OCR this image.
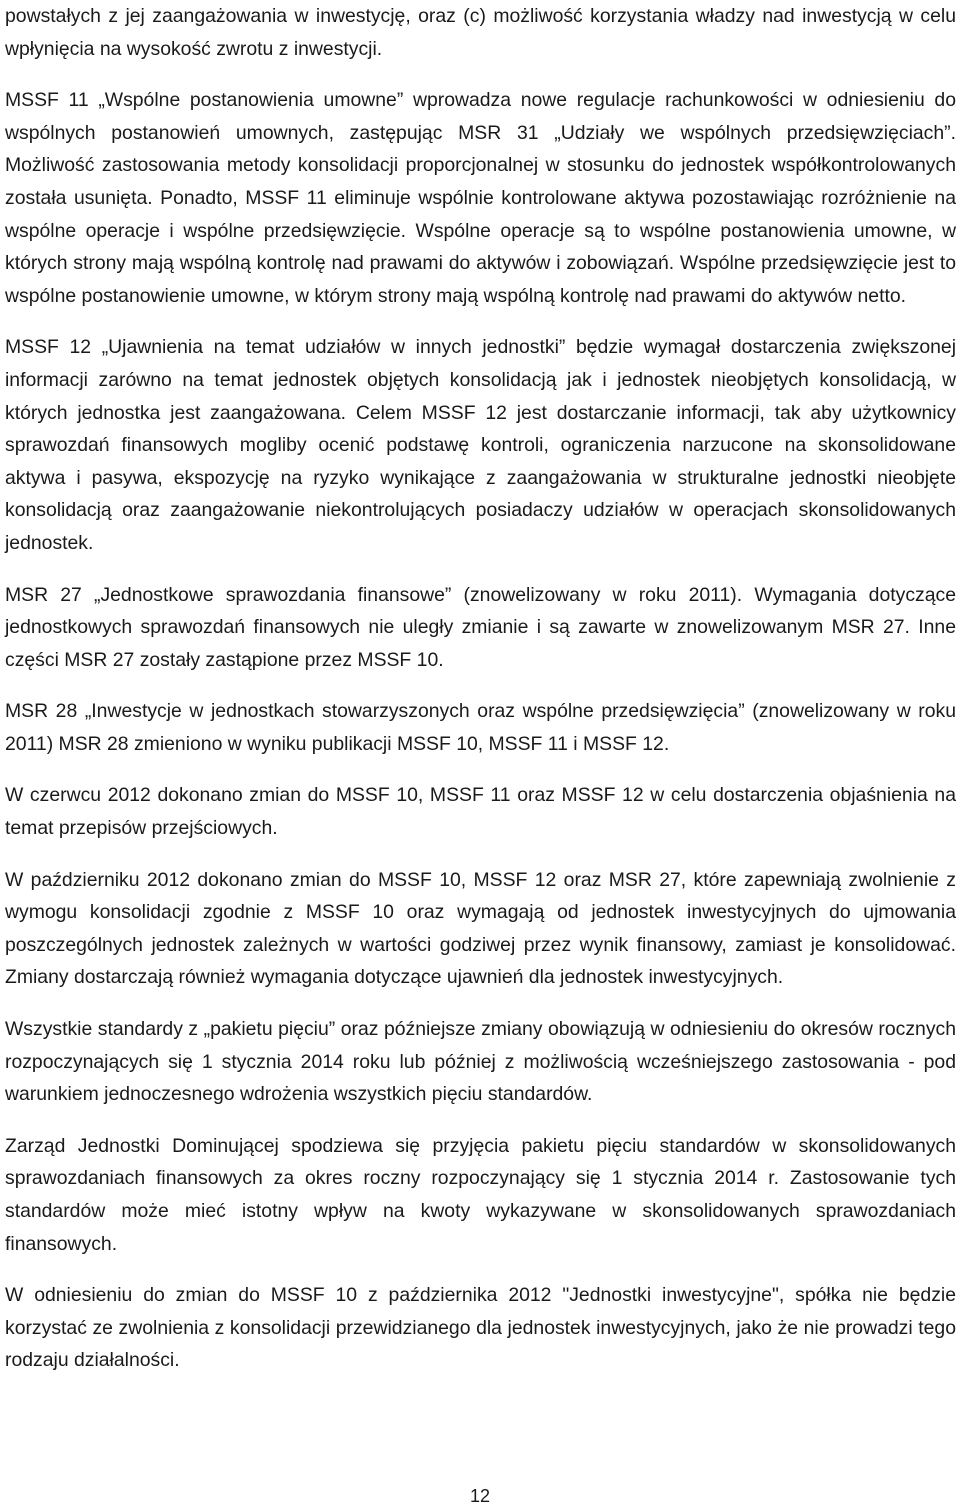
powstałych z jej zaangażowania w inwestycję, oraz (c) możliwość korzystania władzy nad inwestycją w celu wpłynięcia na wysokość zwrotu z inwestycji.

MSSF 11 „Wspólne postanowienia umowne” wprowadza nowe regulacje rachunkowości w odniesieniu do wspólnych postanowień umownych, zastępując MSR 31 „Udziały we wspólnych przedsięwzięciach”. Możliwość zastosowania metody konsolidacji proporcjonalnej w stosunku do jednostek współkontrolowanych została usunięta. Ponadto, MSSF 11 eliminuje wspólnie kontrolowane aktywa pozostawiając rozróżnienie na wspólne operacje i wspólne przedsięwzięcie. Wspólne operacje są to wspólne postanowienia umowne, w których strony mają wspólną kontrolę nad prawami do aktywów i zobowiązań. Wspólne przedsięwzięcie jest to wspólne postanowienie umowne, w którym strony mają wspólną kontrolę nad prawami do aktywów netto.

MSSF 12 „Ujawnienia na temat udziałów w innych jednostki” będzie wymagał dostarczenia zwiększonej informacji zarówno na temat jednostek objętych konsolidacją jak i jednostek nieobjętych konsolidacją, w których jednostka jest zaangażowana. Celem MSSF 12 jest dostarczanie informacji, tak aby użytkownicy sprawozdań finansowych mogliby ocenić podstawę kontroli, ograniczenia narzucone na skonsolidowane aktywa i pasywa, ekspozycję na ryzyko wynikające z zaangażowania w strukturalne jednostki nieobjęte konsolidacją oraz zaangażowanie niekontrolujących posiadaczy udziałów w operacjach skonsolidowanych jednostek.

MSR 27 „Jednostkowe sprawozdania finansowe” (znowelizowany w roku 2011). Wymagania dotyczące jednostkowych sprawozdań finansowych nie uległy zmianie i są zawarte w znowelizowanym MSR 27. Inne części MSR 27 zostały zastąpione przez MSSF 10.

MSR 28 „Inwestycje w jednostkach stowarzyszonych oraz wspólne przedsięwzięcia” (znowelizowany w roku 2011) MSR 28 zmieniono w wyniku publikacji MSSF 10, MSSF 11 i MSSF 12.

W czerwcu 2012 dokonano zmian do MSSF 10, MSSF 11 oraz MSSF 12 w celu dostarczenia objaśnienia na temat przepisów przejściowych.

W październiku 2012 dokonano zmian do MSSF 10, MSSF 12 oraz MSR 27, które zapewniają zwolnienie z wymogu konsolidacji zgodnie z MSSF 10 oraz wymagają od jednostek inwestycyjnych do ujmowania poszczególnych jednostek zależnych w wartości godziwej przez wynik finansowy, zamiast je konsolidować. Zmiany dostarczają również wymagania dotyczące ujawnień dla jednostek inwestycyjnych.

Wszystkie standardy z „pakietu pięciu” oraz późniejsze zmiany obowiązują w odniesieniu do okresów rocznych rozpoczynających się 1 stycznia 2014 roku lub później z możliwością wcześniejszego zastosowania - pod warunkiem jednoczesnego wdrożenia wszystkich pięciu standardów.

Zarząd Jednostki Dominującej spodziewa się przyjęcia pakietu pięciu standardów w skonsolidowanych sprawozdaniach finansowych za okres roczny rozpoczynający się 1 stycznia 2014 r. Zastosowanie tych standardów może mieć istotny wpływ na kwoty wykazywane w skonsolidowanych sprawozdaniach finansowych.

W odniesieniu do zmian do MSSF 10 z października 2012 "Jednostki inwestycyjne", spółka nie będzie korzystać ze zwolnienia z konsolidacji przewidzianego dla jednostek inwestycyjnych, jako że nie prowadzi tego rodzaju działalności.

12
